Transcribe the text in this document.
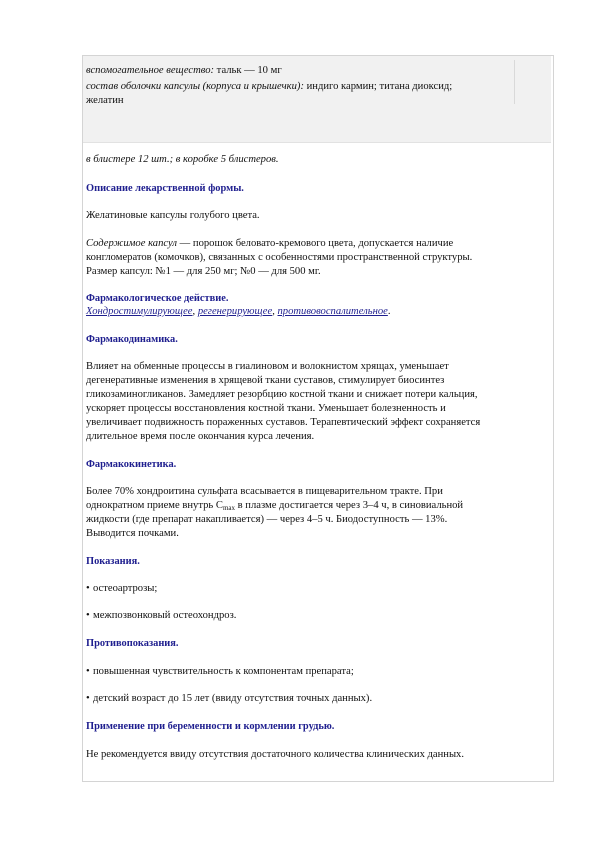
вспомогательное вещество: тальк — 10 мг
состав оболочки капсулы (корпуса и крышечки): индиго кармин; титана диоксид;
желатин
в блистере 12 шт.; в коробке 5 блистеров.
Описание лекарственной формы.
Желатиновые капсулы голубого цвета.
Содержимое капсул — порошок беловато-кремового цвета, допускается наличие
конгломератов (комочков), связанных с особенностями пространственной структуры.
Размер капсул: №1 — для 250 мг; №0 — для 500 мг.
Фармакологическое действие.
Хондростимулирующее, регенерирующее, противовоспалительное.
Фармакодинамика.
Влияет на обменные процессы в гиалиновом и волокнистом хрящах, уменьшает
дегенеративные изменения в хрящевой ткани суставов, стимулирует биосинтез
гликозаминогликанов. Замедляет резорбцию костной ткани и снижает потери кальция,
ускоряет процессы восстановления костной ткани. Уменьшает болезненность и
увеличивает подвижность пораженных суставов. Терапевтический эффект сохраняется
длительное время после окончания курса лечения.
Фармакокинетика.
Более 70% хондроитина сульфата всасывается в пищеварительном тракте. При
однократном приеме внутрь Сmax в плазме достигается через 3–4 ч, в синовиальной
жидкости (где препарат накапливается) — через 4–5 ч. Биодоступность — 13%.
Выводится почками.
Показания.
• остеоартрозы;
• межпозвонковый остеохондроз.
Противопоказания.
• повышенная чувствительность к компонентам препарата;
• детский возраст до 15 лет (ввиду отсутствия точных данных).
Применение при беременности и кормлении грудью.
Не рекомендуется ввиду отсутствия достаточного количества клинических данных.
